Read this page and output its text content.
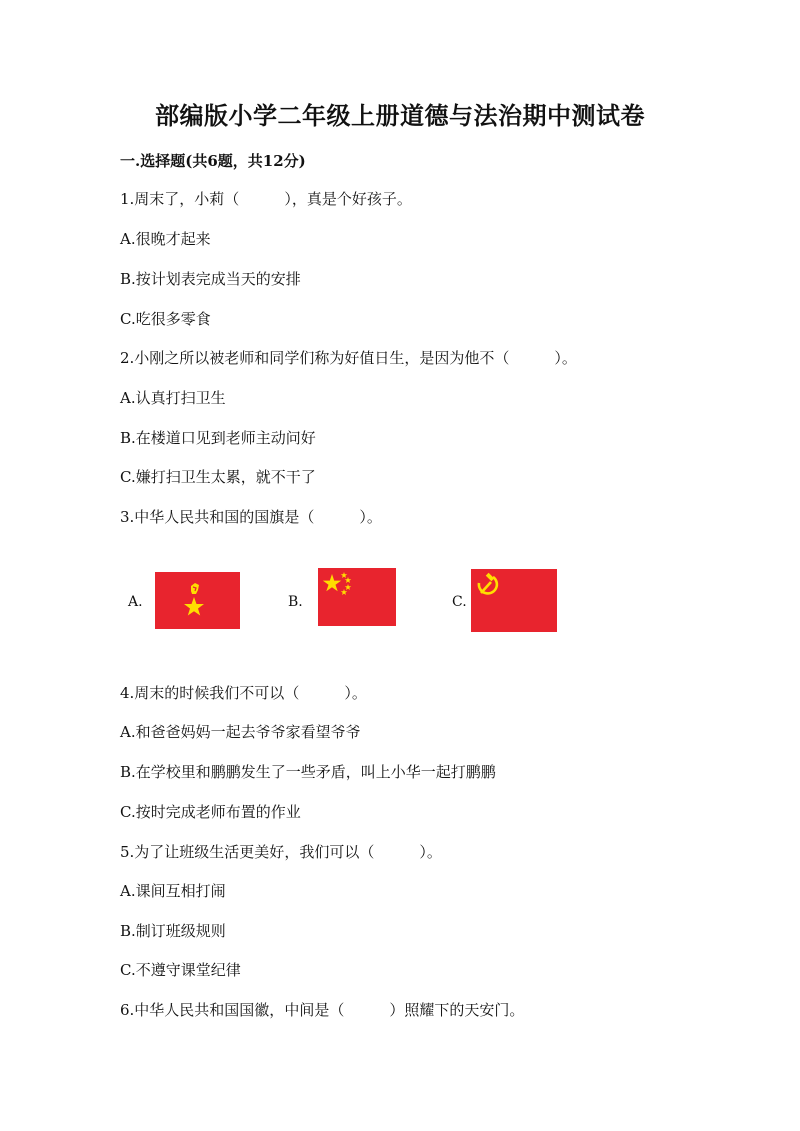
部编版小学二年级上册道德与法治期中测试卷
一.选择题(共6题，共12分)
1.周末了，小莉（　　　），真是个好孩子。
A.很晚才起来
B.按计划表完成当天的安排
C.吃很多零食
2.小刚之所以被老师和同学们称为好值日生，是因为他不（　　　）。
A.认真打扫卫生
B.在楼道口见到老师主动问好
C.嫌打扫卫生太累，就不干了
3.中华人民共和国的国旗是（　　　）。
A.	B.	C.
4.周末的时候我们不可以（　　　）。
A.和爸爸妈妈一起去爷爷家看望爷爷
B.在学校里和鹏鹏发生了一些矛盾，叫上小华一起打鹏鹏
C.按时完成老师布置的作业
5.为了让班级生活更美好，我们可以（　　　）。
A.课间互相打闹
B.制订班级规则
C.不遵守课堂纪律
6.中华人民共和国国徽，中间是（　　　）照耀下的天安门。
